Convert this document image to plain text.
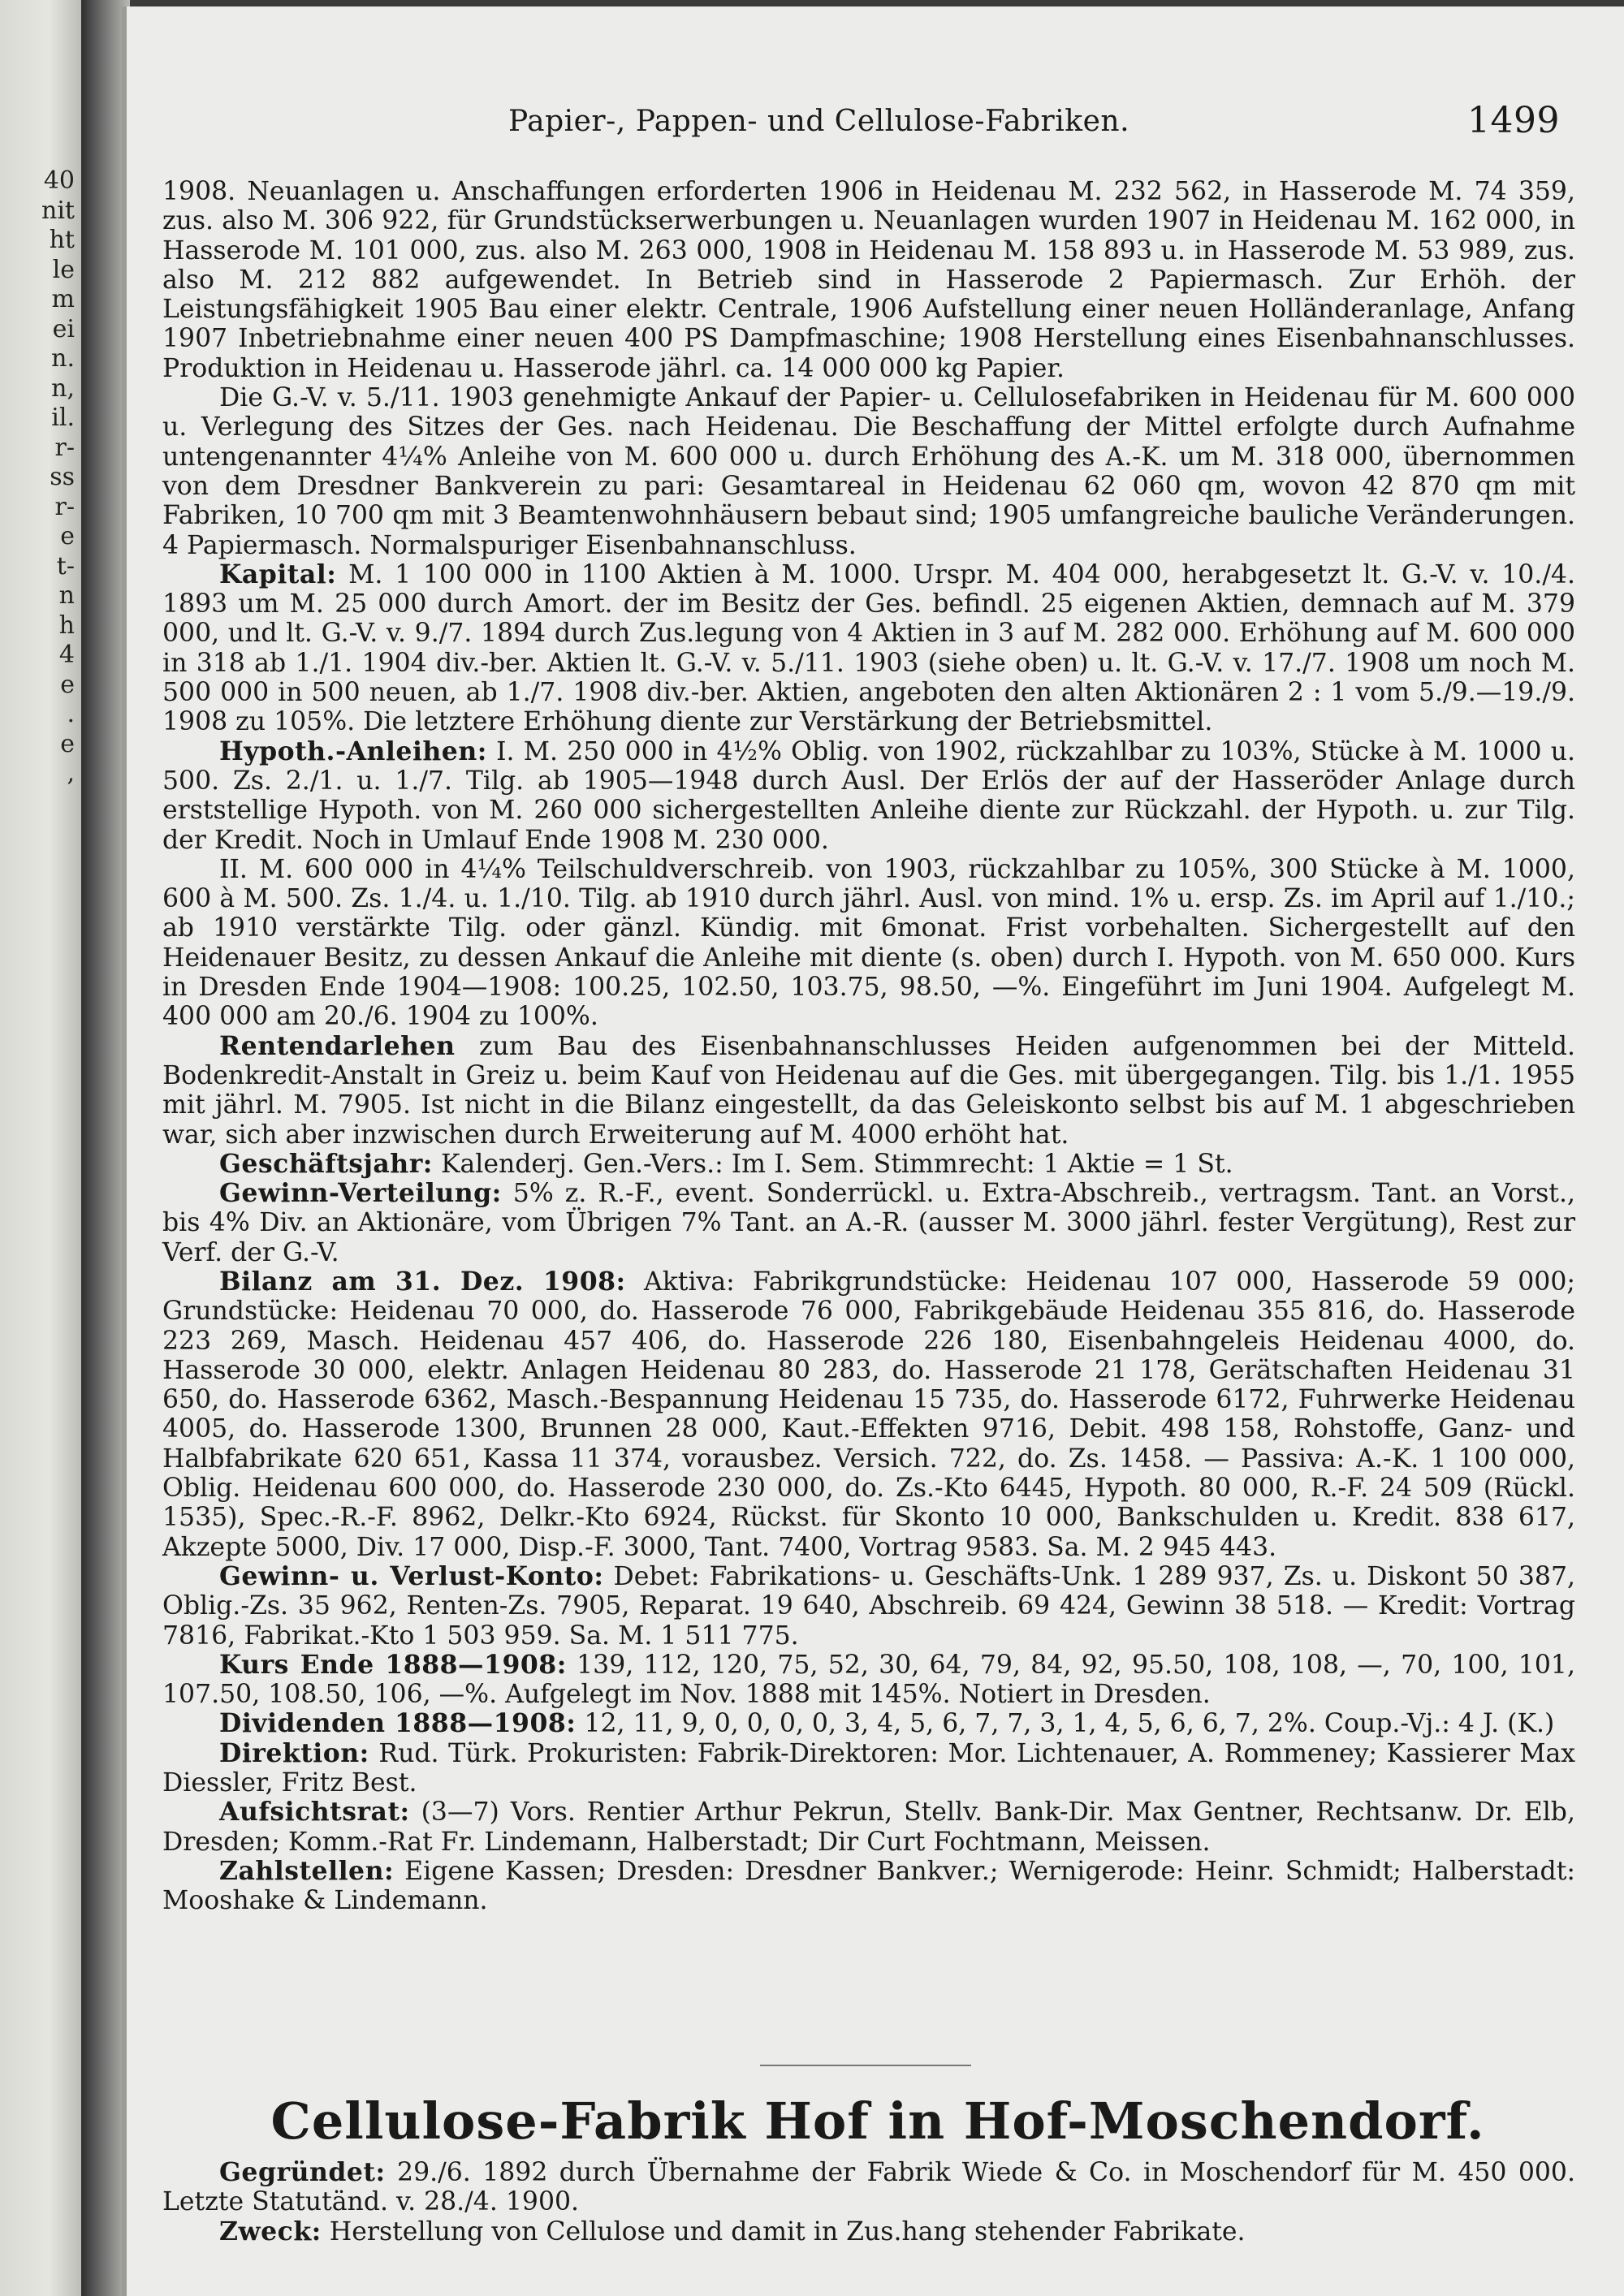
40
nit
ht
le
m
ei
n.
n,
il.
r-
ss
r-
e
t-
n
h
4
e
.
e
,
Papier-, Pappen- und Cellulose-Fabriken.	1499

1908. Neuanlagen u. Anschaffungen erforderten 1906 in Heidenau M. 232 562, in Hasserode M. 74 359, zus. also M. 306 922, für Grundstückserwerbungen u. Neuanlagen wurden 1907 in Heidenau M. 162 000, in Hasserode M. 101 000, zus. also M. 263 000, 1908 in Heidenau M. 158 893 u. in Hasserode M. 53 989, zus. also M. 212 882 aufgewendet. In Betrieb sind in Hasserode 2 Papiermasch. Zur Erhöh. der Leistungsfähigkeit 1905 Bau einer elektr. Centrale, 1906 Aufstellung einer neuen Holländeranlage, Anfang 1907 Inbetriebnahme einer neuen 400 PS Dampfmaschine; 1908 Herstellung eines Eisenbahnanschlusses. Produktion in Heidenau u. Hasserode jährl. ca. 14 000 000 kg Papier.

Die G.-V. v. 5./11. 1903 genehmigte Ankauf der Papier- u. Cellulosefabriken in Heidenau für M. 600 000 u. Verlegung des Sitzes der Ges. nach Heidenau. Die Beschaffung der Mittel erfolgte durch Aufnahme untengenannter 4¼% Anleihe von M. 600 000 u. durch Erhöhung des A.-K. um M. 318 000, übernommen von dem Dresdner Bankverein zu pari: Gesamtareal in Heidenau 62 060 qm, wovon 42 870 qm mit Fabriken, 10 700 qm mit 3 Beamtenwohnhäusern bebaut sind; 1905 umfangreiche bauliche Veränderungen. 4 Papiermasch. Normalspuriger Eisenbahnanschluss.

Kapital: M. 1 100 000 in 1100 Aktien à M. 1000. Urspr. M. 404 000, herabgesetzt lt. G.-V. v. 10./4. 1893 um M. 25 000 durch Amort. der im Besitz der Ges. befindl. 25 eigenen Aktien, demnach auf M. 379 000, und lt. G.-V. v. 9./7. 1894 durch Zus.legung von 4 Aktien in 3 auf M. 282 000. Erhöhung auf M. 600 000 in 318 ab 1./1. 1904 div.-ber. Aktien lt. G.-V. v. 5./11. 1903 (siehe oben) u. lt. G.-V. v. 17./7. 1908 um noch M. 500 000 in 500 neuen, ab 1./7. 1908 div.-ber. Aktien, angeboten den alten Aktionären 2 : 1 vom 5./9.—19./9. 1908 zu 105%. Die letztere Erhöhung diente zur Verstärkung der Betriebsmittel.

Hypoth.-Anleihen: I. M. 250 000 in 4½% Oblig. von 1902, rückzahlbar zu 103%, Stücke à M. 1000 u. 500. Zs. 2./1. u. 1./7. Tilg. ab 1905—1948 durch Ausl. Der Erlös der auf der Hasseröder Anlage durch erststellige Hypoth. von M. 260 000 sichergestellten Anleihe diente zur Rückzahl. der Hypoth. u. zur Tilg. der Kredit. Noch in Umlauf Ende 1908 M. 230 000.

II. M. 600 000 in 4¼% Teilschuldverschreib. von 1903, rückzahlbar zu 105%, 300 Stücke à M. 1000, 600 à M. 500. Zs. 1./4. u. 1./10. Tilg. ab 1910 durch jährl. Ausl. von mind. 1% u. ersp. Zs. im April auf 1./10.; ab 1910 verstärkte Tilg. oder gänzl. Kündig. mit 6monat. Frist vorbehalten. Sichergestellt auf den Heidenauer Besitz, zu dessen Ankauf die Anleihe mit diente (s. oben) durch I. Hypoth. von M. 650 000. Kurs in Dresden Ende 1904—1908: 100.25, 102.50, 103.75, 98.50, —%. Eingeführt im Juni 1904. Aufgelegt M. 400 000 am 20./6. 1904 zu 100%.

Rentendarlehen zum Bau des Eisenbahnanschlusses Heiden aufgenommen bei der Mitteld. Bodenkredit-Anstalt in Greiz u. beim Kauf von Heidenau auf die Ges. mit übergegangen. Tilg. bis 1./1. 1955 mit jährl. M. 7905. Ist nicht in die Bilanz eingestellt, da das Geleiskonto selbst bis auf M. 1 abgeschrieben war, sich aber inzwischen durch Erweiterung auf M. 4000 erhöht hat.

Geschäftsjahr: Kalenderj. Gen.-Vers.: Im I. Sem. Stimmrecht: 1 Aktie = 1 St.

Gewinn-Verteilung: 5% z. R.-F., event. Sonderrückl. u. Extra-Abschreib., vertragsm. Tant. an Vorst., bis 4% Div. an Aktionäre, vom Übrigen 7% Tant. an A.-R. (ausser M. 3000 jährl. fester Vergütung), Rest zur Verf. der G.-V.

Bilanz am 31. Dez. 1908: Aktiva: Fabrikgrundstücke: Heidenau 107 000, Hasserode 59 000; Grundstücke: Heidenau 70 000, do. Hasserode 76 000, Fabrikgebäude Heidenau 355 816, do. Hasserode 223 269, Masch. Heidenau 457 406, do. Hasserode 226 180, Eisenbahngeleis Heidenau 4000, do. Hasserode 30 000, elektr. Anlagen Heidenau 80 283, do. Hasserode 21 178, Gerätschaften Heidenau 31 650, do. Hasserode 6362, Masch.-Bespannung Heidenau 15 735, do. Hasserode 6172, Fuhrwerke Heidenau 4005, do. Hasserode 1300, Brunnen 28 000, Kaut.-Effekten 9716, Debit. 498 158, Rohstoffe, Ganz- und Halbfabrikate 620 651, Kassa 11 374, vorausbez. Versich. 722, do. Zs. 1458. — Passiva: A.-K. 1 100 000, Oblig. Heidenau 600 000, do. Hasserode 230 000, do. Zs.-Kto 6445, Hypoth. 80 000, R.-F. 24 509 (Rückl. 1535), Spec.-R.-F. 8962, Delkr.-Kto 6924, Rückst. für Skonto 10 000, Bankschulden u. Kredit. 838 617, Akzepte 5000, Div. 17 000, Disp.-F. 3000, Tant. 7400, Vortrag 9583. Sa. M. 2 945 443.

Gewinn- u. Verlust-Konto: Debet: Fabrikations- u. Geschäfts-Unk. 1 289 937, Zs. u. Diskont 50 387, Oblig.-Zs. 35 962, Renten-Zs. 7905, Reparat. 19 640, Abschreib. 69 424, Gewinn 38 518. — Kredit: Vortrag 7816, Fabrikat.-Kto 1 503 959. Sa. M. 1 511 775.

Kurs Ende 1888—1908: 139, 112, 120, 75, 52, 30, 64, 79, 84, 92, 95.50, 108, 108, —, 70, 100, 101, 107.50, 108.50, 106, —%. Aufgelegt im Nov. 1888 mit 145%. Notiert in Dresden.

Dividenden 1888—1908: 12, 11, 9, 0, 0, 0, 0, 3, 4, 5, 6, 7, 7, 3, 1, 4, 5, 6, 6, 7, 2%. Coup.-Vj.: 4 J. (K.)

Direktion: Rud. Türk. Prokuristen: Fabrik-Direktoren: Mor. Lichtenauer, A. Rommeney; Kassierer Max Diessler, Fritz Best.

Aufsichtsrat: (3—7) Vors. Rentier Arthur Pekrun, Stellv. Bank-Dir. Max Gentner, Rechtsanw. Dr. Elb, Dresden; Komm.-Rat Fr. Lindemann, Halberstadt; Dir Curt Fochtmann, Meissen.

Zahlstellen: Eigene Kassen; Dresden: Dresdner Bankver.; Wernigerode: Heinr. Schmidt; Halberstadt: Mooshake & Lindemann.

Cellulose-Fabrik Hof in Hof-Moschendorf.

Gegründet: 29./6. 1892 durch Übernahme der Fabrik Wiede & Co. in Moschendorf für M. 450 000. Letzte Statutänd. v. 28./4. 1900.

Zweck: Herstellung von Cellulose und damit in Zus.hang stehender Fabrikate.
